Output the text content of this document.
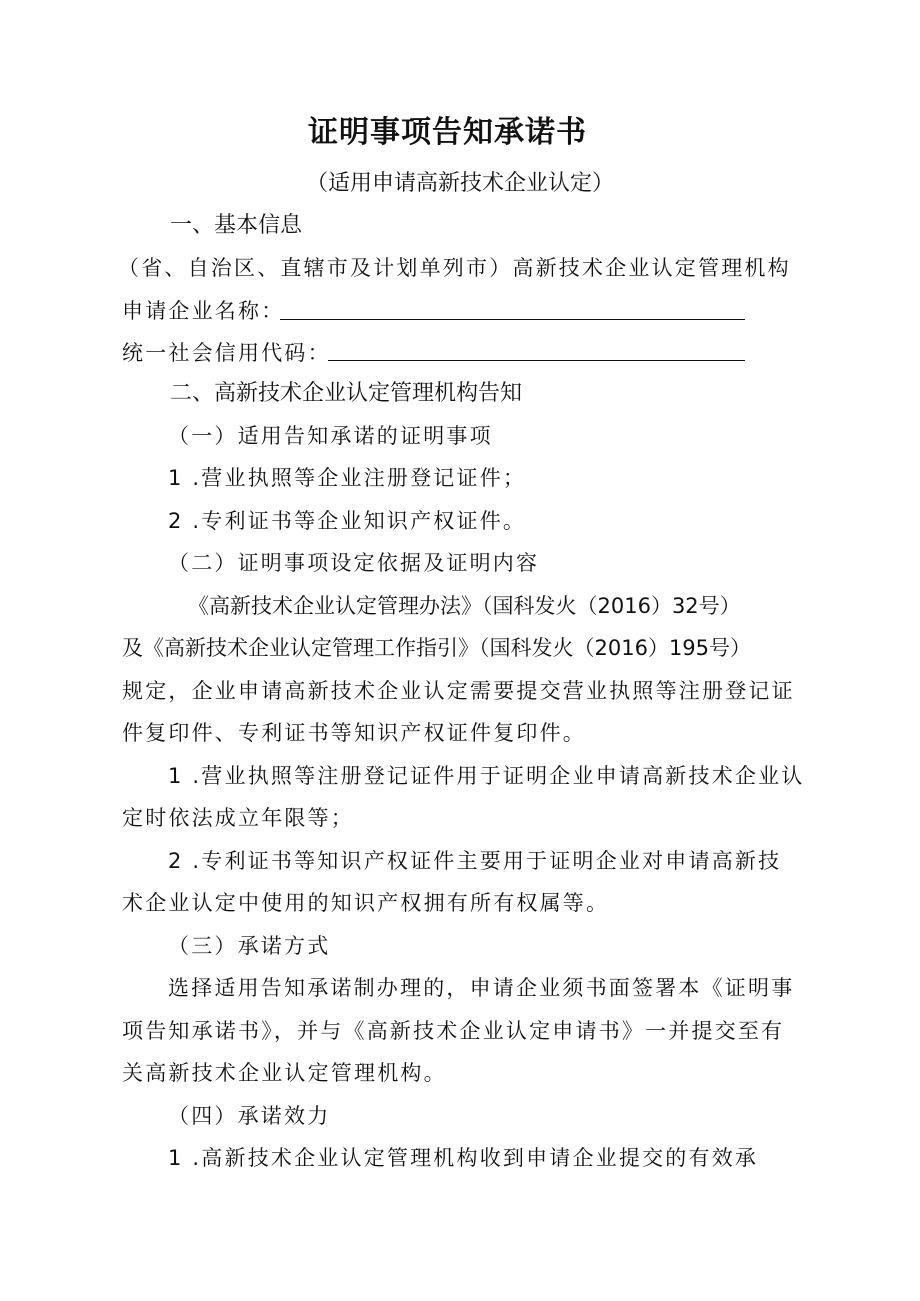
证明事项告知承诺书
（适用申请高新技术企业认定）
一、基本信息
（省、自治区、直辖市及计划单列市）高新技术企业认定管理机构
申请企业名称：
统一社会信用代码：
二、高新技术企业认定管理机构告知
（一）适用告知承诺的证明事项
1 .营业执照等企业注册登记证件；
2 .专利证书等企业知识产权证件。
（二）证明事项设定依据及证明内容
《高新技术企业认定管理办法》（国科发火（2016）32号）
及《高新技术企业认定管理工作指引》（国科发火（2016）195号）
规定，企业申请高新技术企业认定需要提交营业执照等注册登记证
件复印件、专利证书等知识产权证件复印件。
1 .营业执照等注册登记证件用于证明企业申请高新技术企业认
定时依法成立年限等；
2 .专利证书等知识产权证件主要用于证明企业对申请高新技
术企业认定中使用的知识产权拥有所有权属等。
（三）承诺方式
选择适用告知承诺制办理的，申请企业须书面签署本《证明事
项告知承诺书》，并与《高新技术企业认定申请书》一并提交至有
关高新技术企业认定管理机构。
（四）承诺效力
1 .高新技术企业认定管理机构收到申请企业提交的有效承
